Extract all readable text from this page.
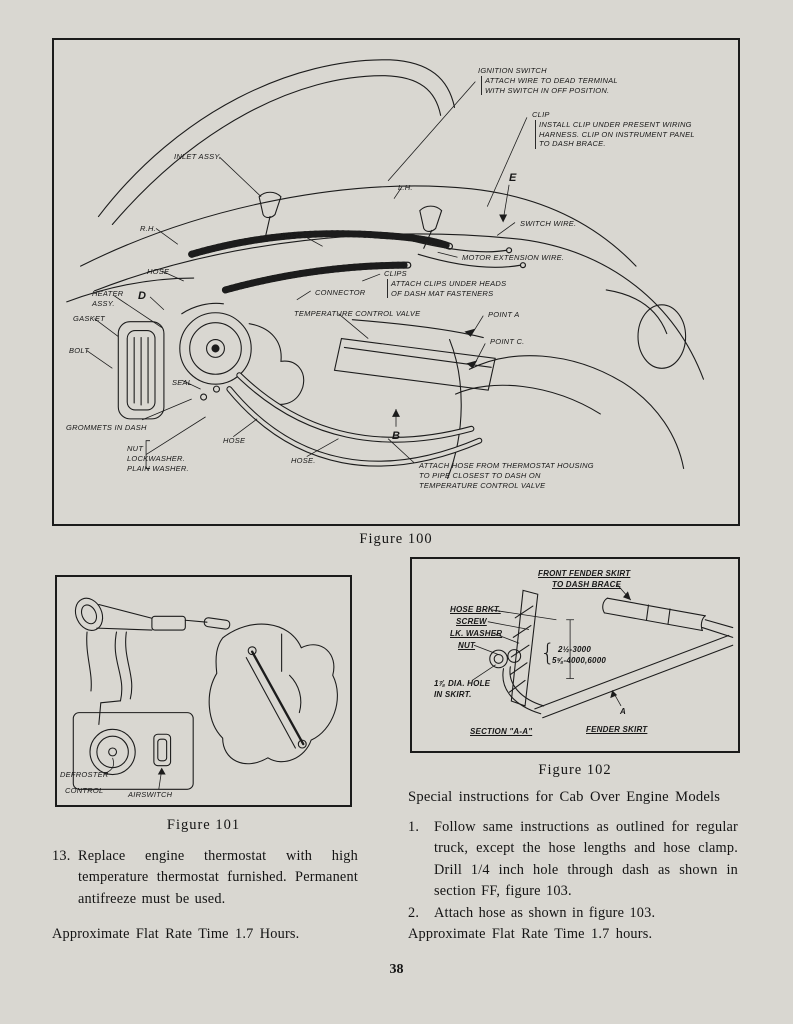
IGNITION SWITCH
ATTACH WIRE TO DEAD TERMINAL
WITH SWITCH IN OFF POSITION.
CLIP
INSTALL CLIP UNDER PRESENT WIRING
HARNESS. CLIP ON INSTRUMENT PANEL
TO DASH BRACE.
INLET ASSY.
L.H.
E
R.H.
HOSE
SWITCH WIRE.
MOTOR EXTENSION WIRE.
HOSE	CLIPS
ATTACH CLIPS UNDER HEADS
OF DASH MAT FASTENERS
HEATER
ASSY.
D	CONNECTOR
GASKET
TEMPERATURE CONTROL VALVE	POINT A
BOLT
POINT C.
SEAL
GROMMETS IN DASH
NUT
LOCKWASHER.
PLAIN WASHER.
HOSE
HOSE.
B
ATTACH HOSE FROM THERMOSTAT HOUSING
TO PIPE CLOSEST TO DASH ON
TEMPERATURE CONTROL VALVE
Figure 100
DEFROSTER
CONTROL	AIRSWITCH
Figure 101
FRONT FENDER SKIRT
TO DASH BRACE
HOSE BRKT.
SCREW
LK. WASHER
NUT	{ 2½-3000
5⅝-4000,6000
1⅞ DIA. HOLE
IN SKIRT.
SECTION "A-A"	FENDER SKIRT
A
Figure 102
13. Replace engine thermostat with high temperature thermostat furnished. Permanent antifreeze must be used.
Approximate Flat Rate Time 1.7 Hours.
Special instructions for Cab Over Engine Models
1.	Follow same instructions as outlined for regular truck, except the hose lengths and hose clamp. Drill 1/4 inch hole through dash as shown in section FF, figure 103.
2.	Attach hose as shown in figure 103.
Approximate Flat Rate Time 1.7 hours.
38
